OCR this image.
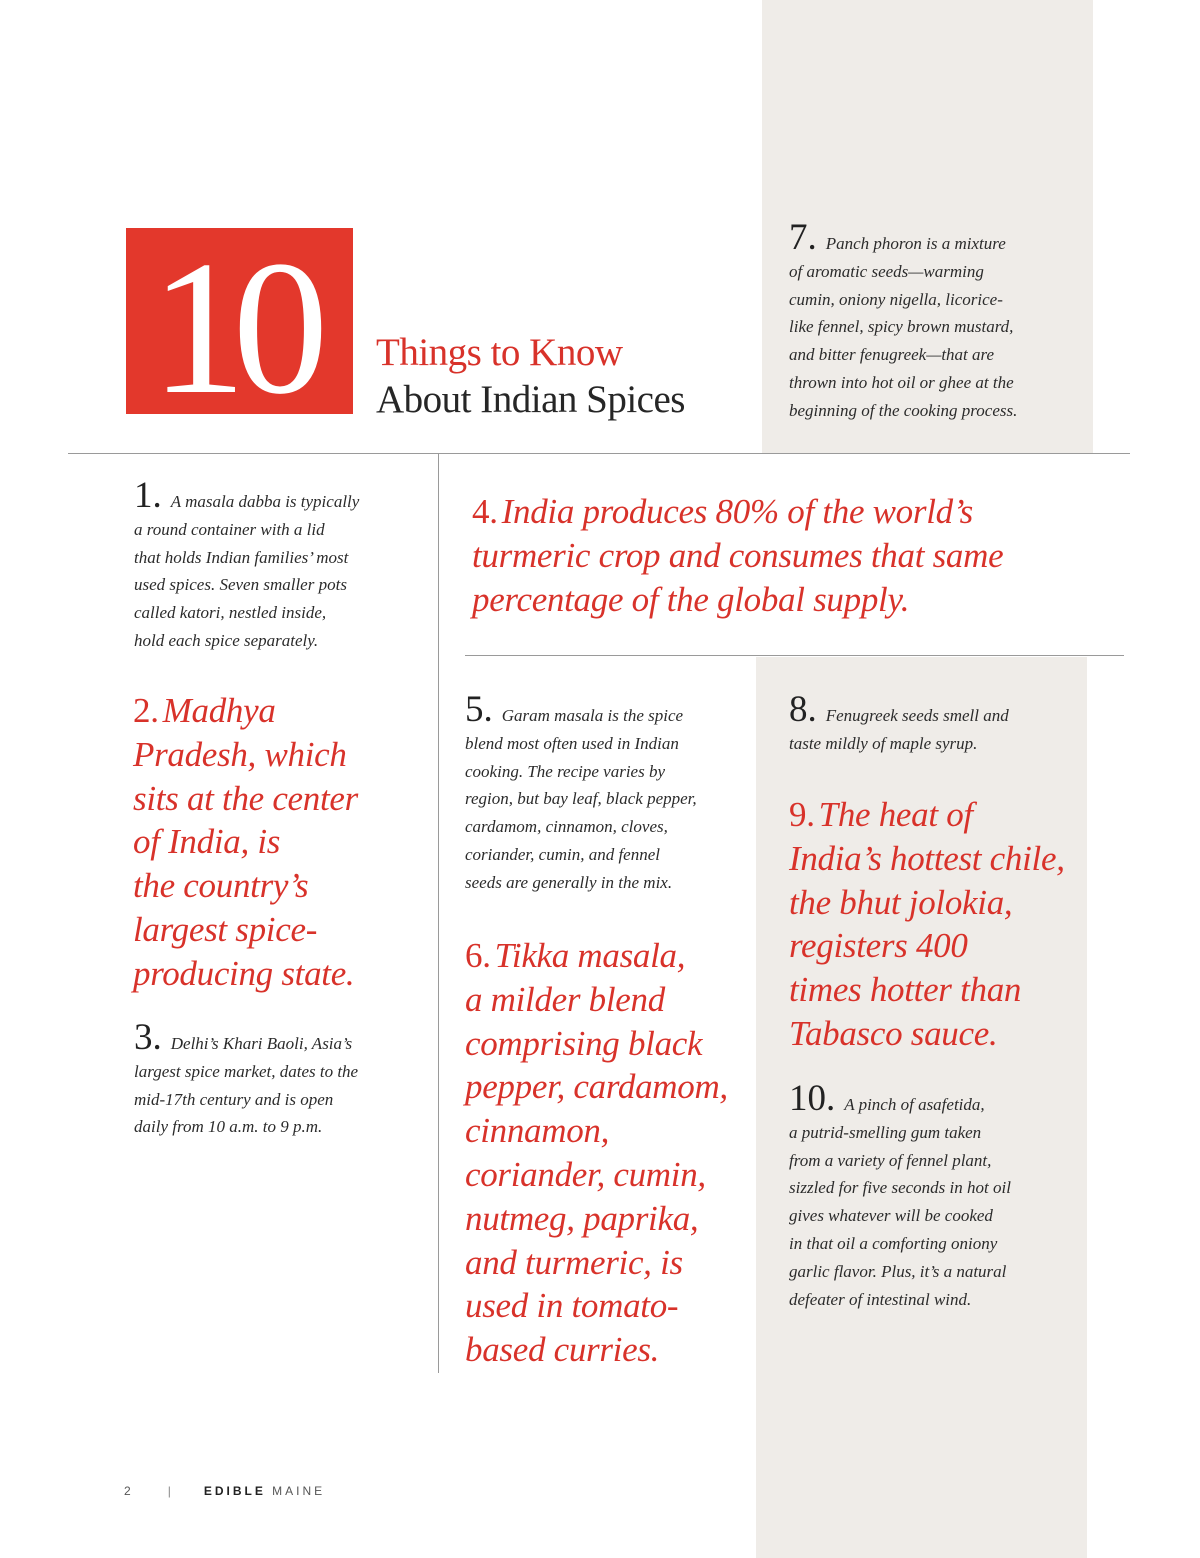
10	Things to Know
About Indian Spices
7. Panch phoron is a mixture
of aromatic seeds—warming
cumin, oniony nigella, licorice-
like fennel, spicy brown mustard,
and bitter fenugreek—that are
thrown into hot oil or ghee at the
beginning of the cooking process.
1. A masala dabba is typically
a round container with a lid
that holds Indian families’ most
used spices. Seven smaller pots
called katori, nestled inside,
hold each spice separately.
4. India produces 80% of the world’s
turmeric crop and consumes that same
percentage of the global supply.
2. Madhya
Pradesh, which
sits at the center
of India, is
the country’s
largest spice-
producing state.
5. Garam masala is the spice
blend most often used in Indian
cooking. The recipe varies by
region, but bay leaf, black pepper,
cardamom, cinnamon, cloves,
coriander, cumin, and fennel
seeds are generally in the mix.
8. Fenugreek seeds smell and
taste mildly of maple syrup.
9. The heat of
India’s hottest chile,
the bhut jolokia,
registers 400
times hotter than
Tabasco sauce.
3. Delhi’s Khari Baoli, Asia’s
largest spice market, dates to the
mid-17th century and is open
daily from 10 a.m. to 9 p.m.
6. Tikka masala,
a milder blend
comprising black
pepper, cardamom,
cinnamon,
coriander, cumin,
nutmeg, paprika,
and turmeric, is
used in tomato-
based curries.
10. A pinch of asafetida,
a putrid-smelling gum taken
from a variety of fennel plant,
sizzled for five seconds in hot oil
gives whatever will be cooked
in that oil a comforting oniony
garlic flavor. Plus, it’s a natural
defeater of intestinal wind.
2	|	EDIBLE MAINE
